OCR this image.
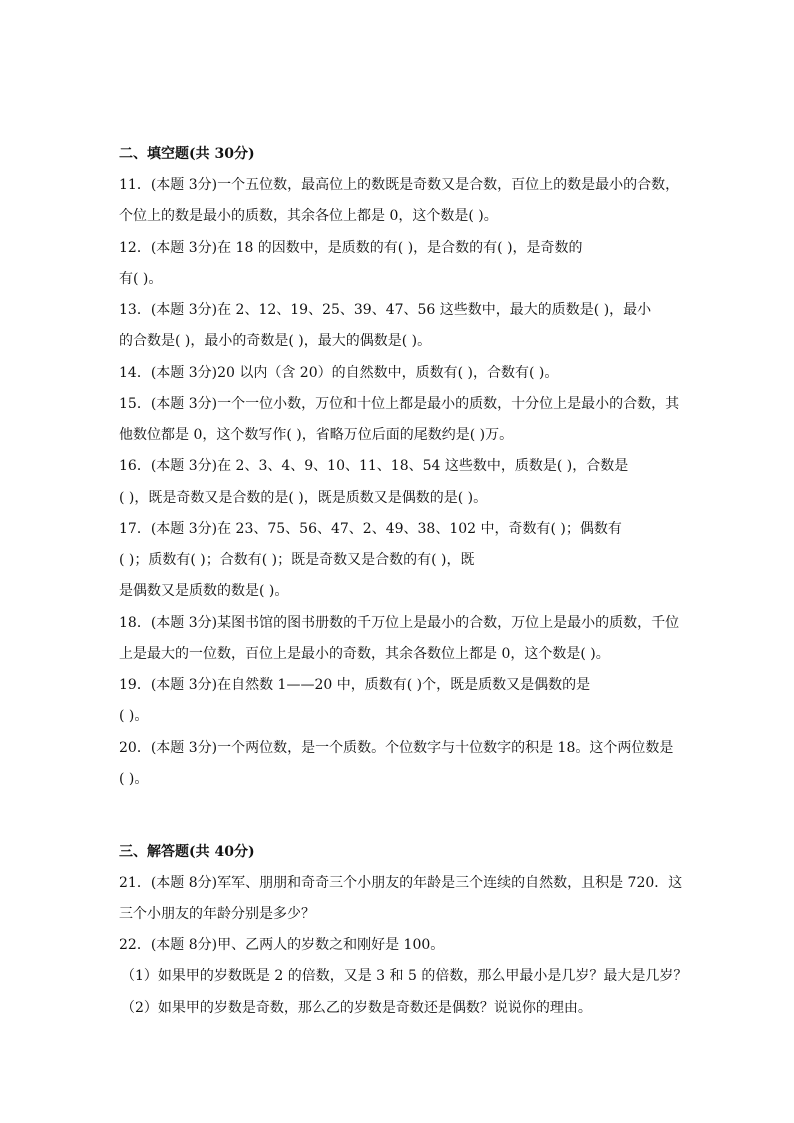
二、填空题(共 30分)
11．(本题 3分)一个五位数，最高位上的数既是奇数又是合数，百位上的数是最小的合数，
个位上的数是最小的质数，其余各位上都是 0，这个数是( )。
12．(本题 3分)在 18 的因数中，是质数的有( )，是合数的有( )，是奇数的
有( )。
13．(本题 3分)在 2、12、19、25、39、47、56 这些数中，最大的质数是( )，最小
的合数是( )，最小的奇数是( )，最大的偶数是( )。
14．(本题 3分)20 以内（含 20）的自然数中，质数有( )，合数有( )。
15．(本题 3分)一个一位小数，万位和十位上都是最小的质数，十分位上是最小的合数，其
他数位都是 0，这个数写作( )，省略万位后面的尾数约是( )万。
16．(本题 3分)在 2、3、4、9、10、11、18、54 这些数中，质数是( )，合数是
( )，既是奇数又是合数的是( )，既是质数又是偶数的是( )。
17．(本题 3分)在 23、75、56、47、2、49、38、102 中，奇数有( )；偶数有
( )；质数有( )；合数有( )；既是奇数又是合数的有( )，既
是偶数又是质数的数是( )。
18．(本题 3分)某图书馆的图书册数的千万位上是最小的合数，万位上是最小的质数，千位
上是最大的一位数，百位上是最小的奇数，其余各数位上都是 0，这个数是( )。
19．(本题 3分)在自然数 1——20 中，质数有( )个，既是质数又是偶数的是
( )。
20．(本题 3分)一个两位数，是一个质数。个位数字与十位数字的积是 18。这个两位数是
( )。
三、解答题(共 40分)
21．(本题 8分)军军、朋朋和奇奇三个小朋友的年龄是三个连续的自然数，且积是 720．这
三个小朋友的年龄分别是多少？
22．(本题 8分)甲、乙两人的岁数之和刚好是 100。
（1）如果甲的岁数既是 2 的倍数，又是 3 和 5 的倍数，那么甲最小是几岁？最大是几岁？
（2）如果甲的岁数是奇数，那么乙的岁数是奇数还是偶数？说说你的理由。
